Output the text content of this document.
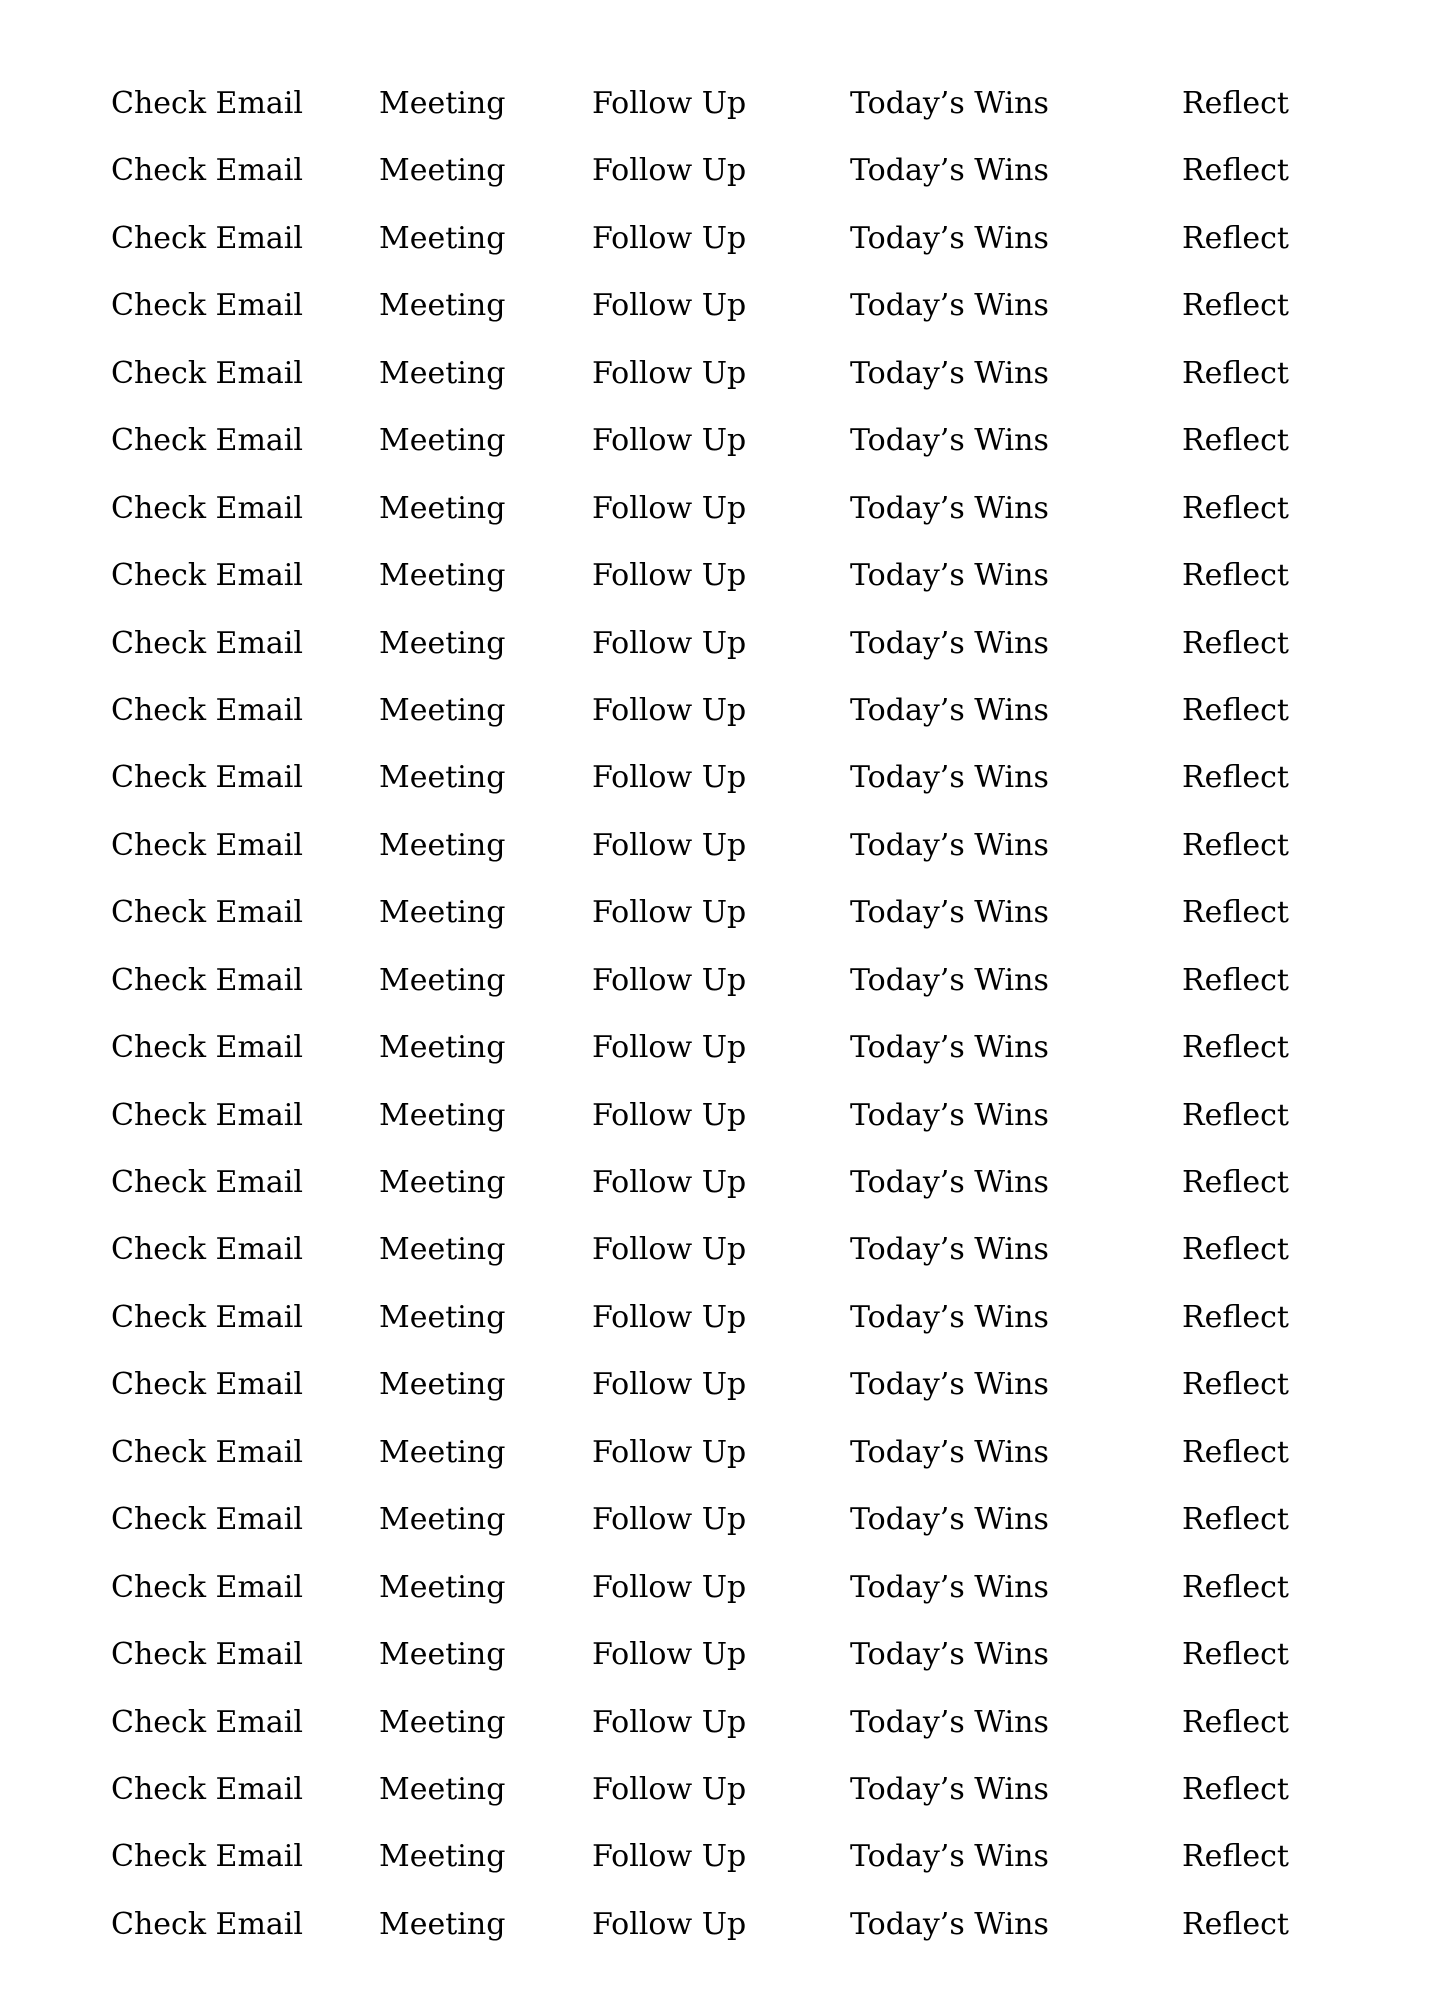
Check Email	Meeting	Follow Up	Today’s Wins	Reflect
Check Email	Meeting	Follow Up	Today’s Wins	Reflect
Check Email	Meeting	Follow Up	Today’s Wins	Reflect
Check Email	Meeting	Follow Up	Today’s Wins	Reflect
Check Email	Meeting	Follow Up	Today’s Wins	Reflect
Check Email	Meeting	Follow Up	Today’s Wins	Reflect
Check Email	Meeting	Follow Up	Today’s Wins	Reflect
Check Email	Meeting	Follow Up	Today’s Wins	Reflect
Check Email	Meeting	Follow Up	Today’s Wins	Reflect
Check Email	Meeting	Follow Up	Today’s Wins	Reflect
Check Email	Meeting	Follow Up	Today’s Wins	Reflect
Check Email	Meeting	Follow Up	Today’s Wins	Reflect
Check Email	Meeting	Follow Up	Today’s Wins	Reflect
Check Email	Meeting	Follow Up	Today’s Wins	Reflect
Check Email	Meeting	Follow Up	Today’s Wins	Reflect
Check Email	Meeting	Follow Up	Today’s Wins	Reflect
Check Email	Meeting	Follow Up	Today’s Wins	Reflect
Check Email	Meeting	Follow Up	Today’s Wins	Reflect
Check Email	Meeting	Follow Up	Today’s Wins	Reflect
Check Email	Meeting	Follow Up	Today’s Wins	Reflect
Check Email	Meeting	Follow Up	Today’s Wins	Reflect
Check Email	Meeting	Follow Up	Today’s Wins	Reflect
Check Email	Meeting	Follow Up	Today’s Wins	Reflect
Check Email	Meeting	Follow Up	Today’s Wins	Reflect
Check Email	Meeting	Follow Up	Today’s Wins	Reflect
Check Email	Meeting	Follow Up	Today’s Wins	Reflect
Check Email	Meeting	Follow Up	Today’s Wins	Reflect
Check Email	Meeting	Follow Up	Today’s Wins	Reflect
